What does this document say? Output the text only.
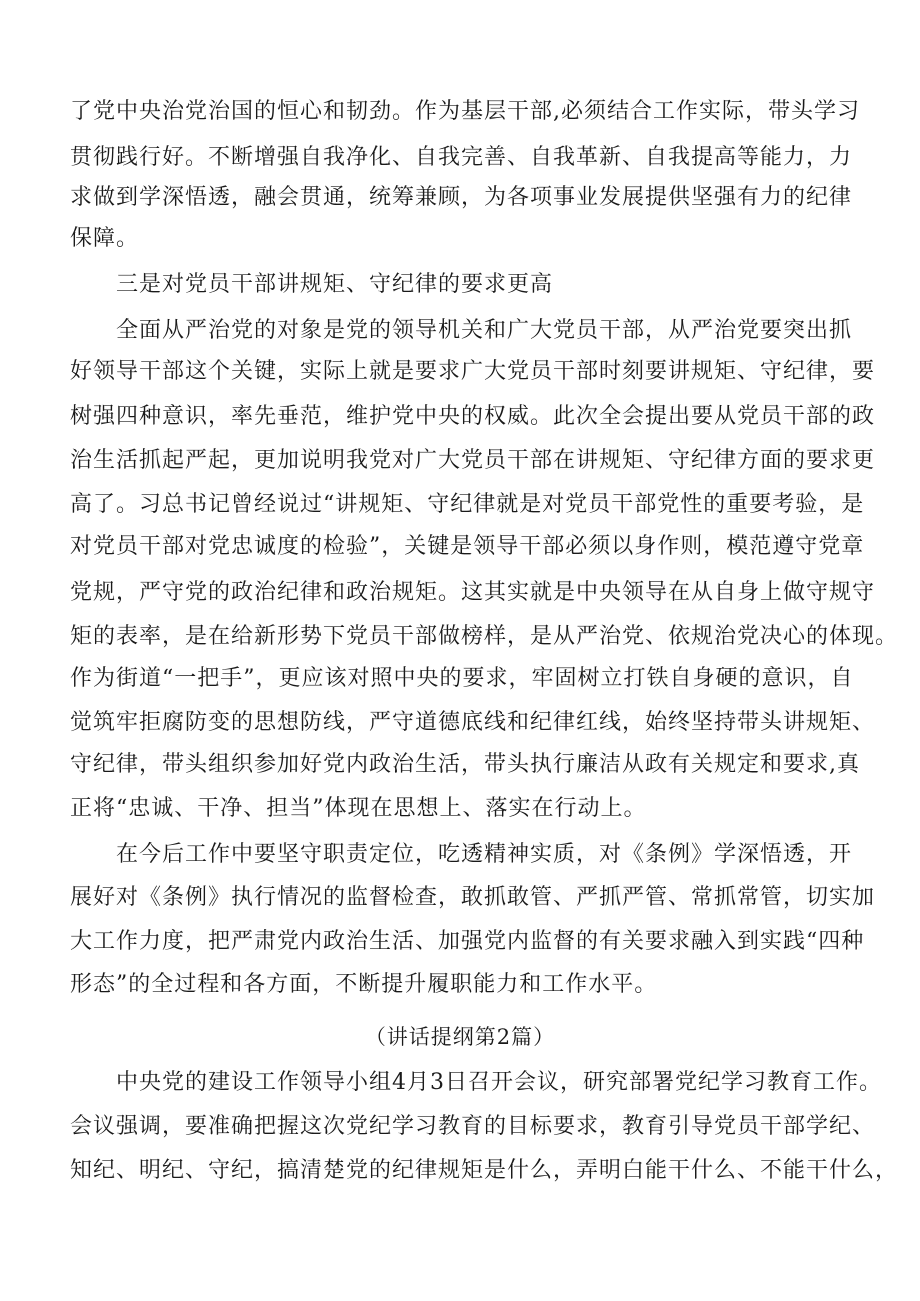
了党中央治党治国的恒心和韧劲。作为基层干部,必须结合工作实际，带头学习
贯彻践行好。不断增强自我净化、自我完善、自我革新、自我提高等能力，力
求做到学深悟透，融会贯通，统筹兼顾，为各项事业发展提供坚强有力的纪律
保障。
三是对党员干部讲规矩、守纪律的要求更高
全面从严治党的对象是党的领导机关和广大党员干部，从严治党要突出抓
好领导干部这个关键，实际上就是要求广大党员干部时刻要讲规矩、守纪律，要
树强四种意识，率先垂范，维护党中央的权威。此次全会提出要从党员干部的政
治生活抓起严起，更加说明我党对广大党员干部在讲规矩、守纪律方面的要求更
高了。习总书记曾经说过“讲规矩、守纪律就是对党员干部党性的重要考验，是
对党员干部对党忠诚度的检验”，关键是领导干部必须以身作则，模范遵守党章
党规，严守党的政治纪律和政治规矩。这其实就是中央领导在从自身上做守规守
矩的表率，是在给新形势下党员干部做榜样，是从严治党、依规治党决心的体现。
作为街道“一把手”，更应该对照中央的要求，牢固树立打铁自身硬的意识，自
觉筑牢拒腐防变的思想防线，严守道德底线和纪律红线，始终坚持带头讲规矩、
守纪律，带头组织参加好党内政治生活，带头执行廉洁从政有关规定和要求,真
正将“忠诚、干净、担当”体现在思想上、落实在行动上。
在今后工作中要坚守职责定位，吃透精神实质，对《条例》学深悟透，开
展好对《条例》执行情况的监督检查，敢抓敢管、严抓严管、常抓常管，切实加
大工作力度，把严肃党内政治生活、加强党内监督的有关要求融入到实践“四种
形态”的全过程和各方面，不断提升履职能力和工作水平。
（讲话提纲第2篇）
中央党的建设工作领导小组4月3日召开会议，研究部署党纪学习教育工作。
会议强调，要准确把握这次党纪学习教育的目标要求，教育引导党员干部学纪、
知纪、明纪、守纪，搞清楚党的纪律规矩是什么，弄明白能干什么、不能干什么，
